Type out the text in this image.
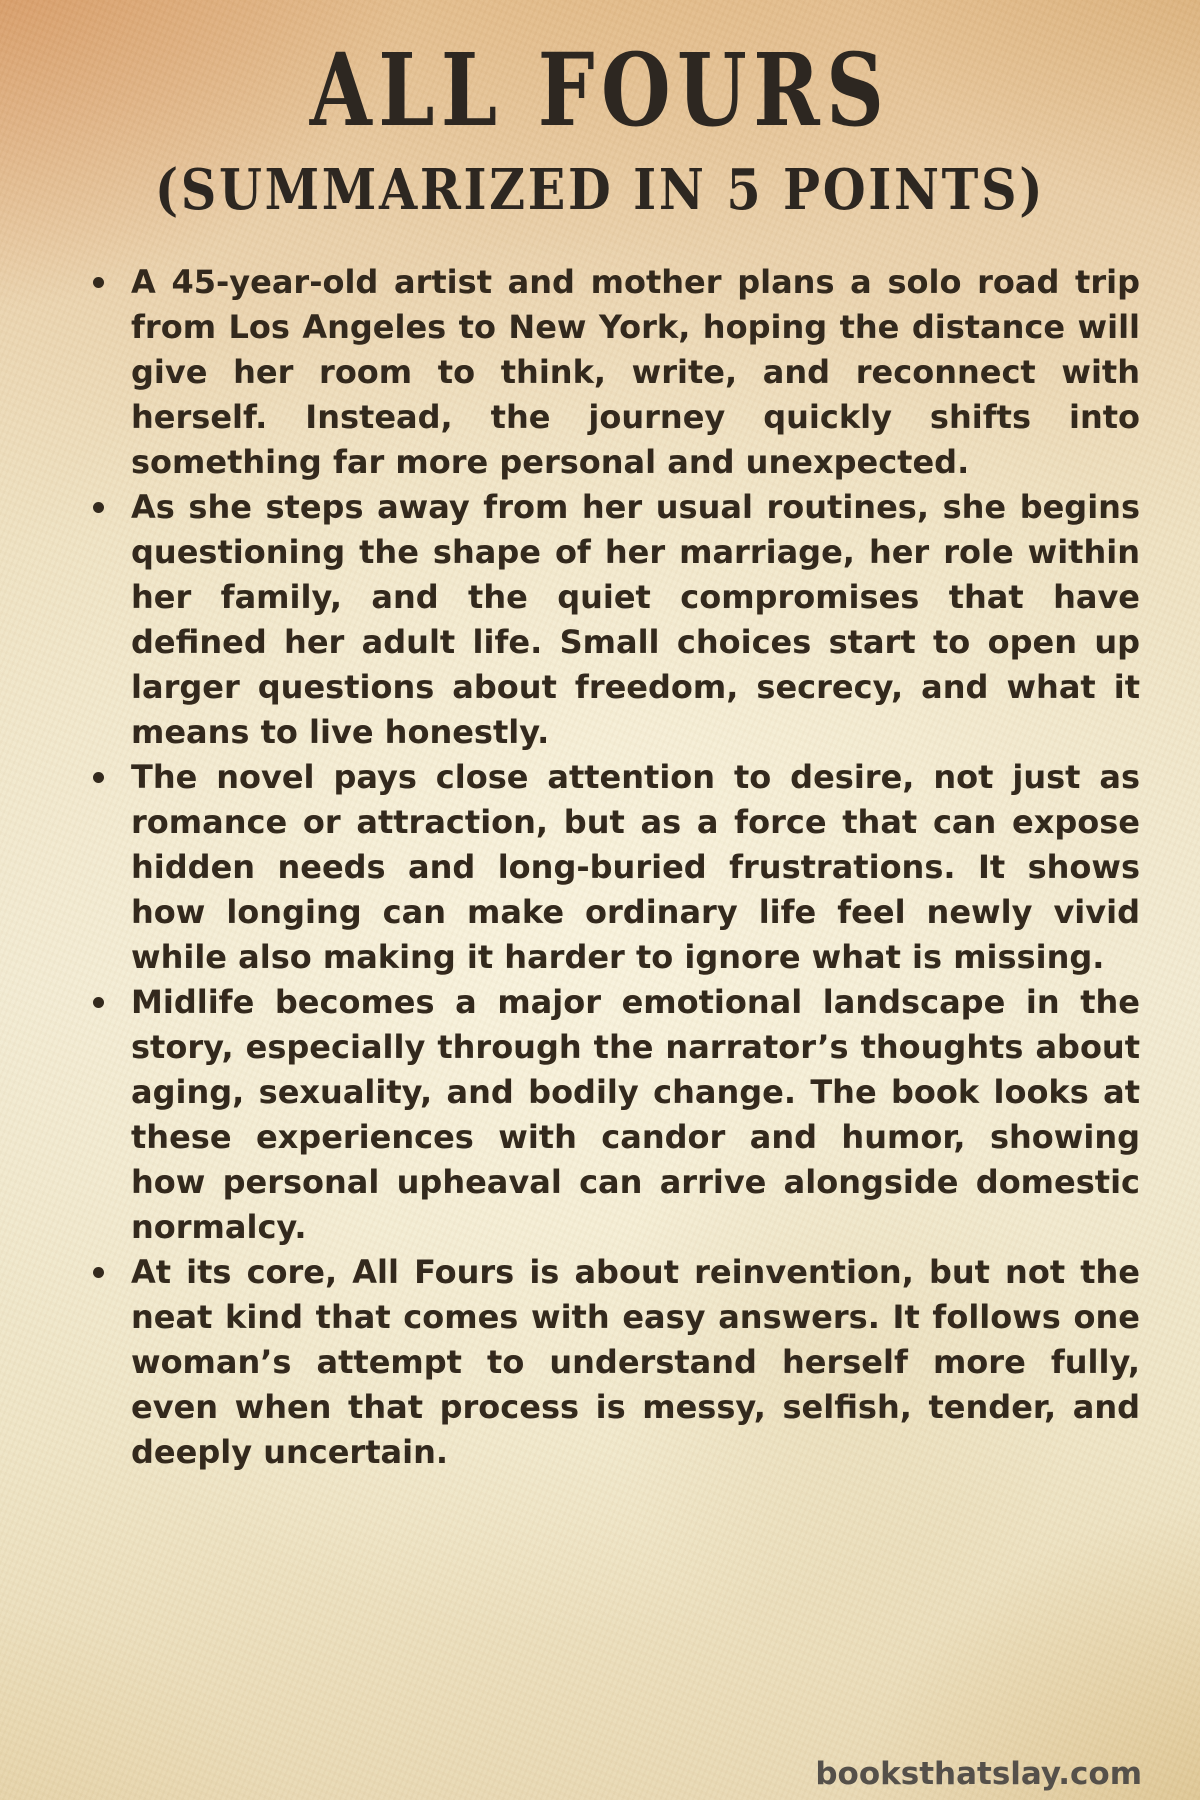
ALL FOURS
(SUMMARIZED IN 5 POINTS)
A 45-year-old artist and mother plans a solo road trip from Los Angeles to New York, hoping the distance will give her room to think, write, and reconnect with herself. Instead, the journey quickly shifts into something far more personal and unexpected.
As she steps away from her usual routines, she begins questioning the shape of her marriage, her role within her family, and the quiet compromises that have defined her adult life. Small choices start to open up larger questions about freedom, secrecy, and what it means to live honestly.
The novel pays close attention to desire, not just as romance or attraction, but as a force that can expose hidden needs and long-buried frustrations. It shows how longing can make ordinary life feel newly vivid while also making it harder to ignore what is missing.
Midlife becomes a major emotional landscape in the story, especially through the narrator’s thoughts about aging, sexuality, and bodily change. The book looks at these experiences with candor and humor, showing how personal upheaval can arrive alongside domestic normalcy.
At its core, All Fours is about reinvention, but not the neat kind that comes with easy answers. It follows one woman’s attempt to understand herself more fully, even when that process is messy, selfish, tender, and deeply uncertain.
booksthatslay.com
